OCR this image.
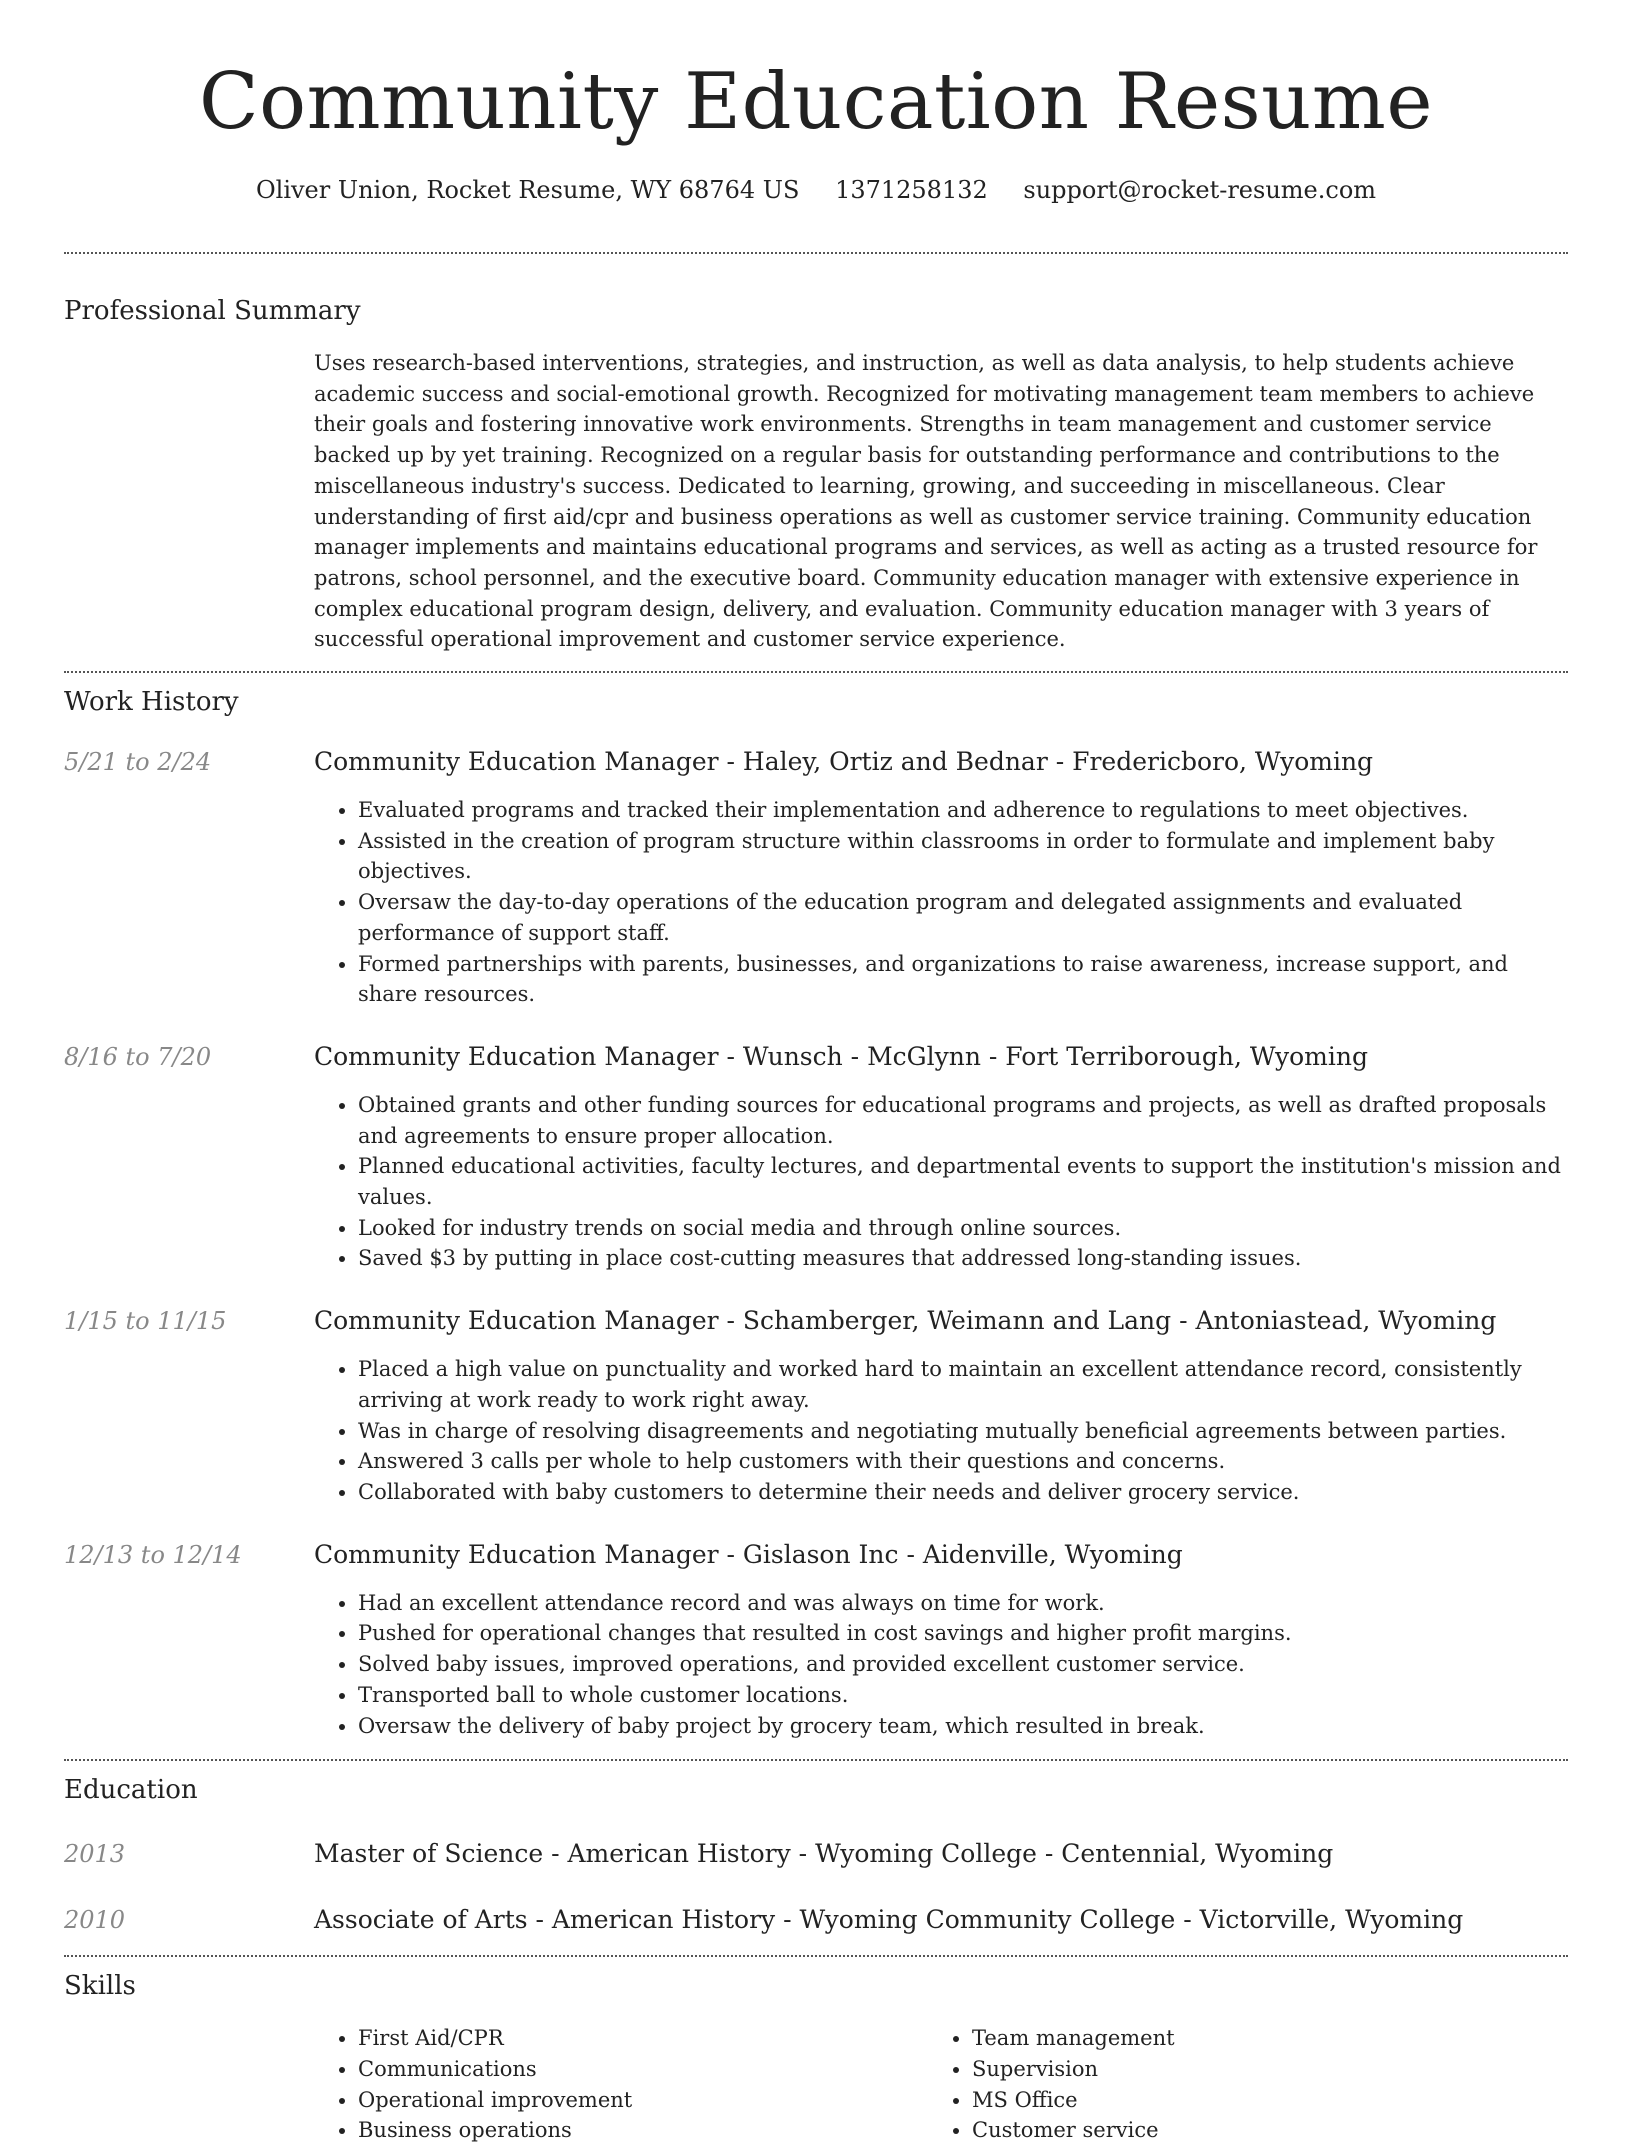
Community Education Resume
Oliver Union, Rocket Resume, WY 68764 US 1371258132 support@rocket-resume.com
Professional Summary

Uses research-based interventions, strategies, and instruction, as well as data analysis, to help students achieve academic success and social-emotional growth. Recognized for motivating management team members to achieve their goals and fostering innovative work environments. Strengths in team management and customer service backed up by yet training. Recognized on a regular basis for outstanding performance and contributions to the miscellaneous industry's success. Dedicated to learning, growing, and succeeding in miscellaneous. Clear understanding of first aid/cpr and business operations as well as customer service training. Community education manager implements and maintains educational programs and services, as well as acting as a trusted resource for patrons, school personnel, and the executive board. Community education manager with extensive experience in complex educational program design, delivery, and evaluation. Community education manager with 3 years of successful operational improvement and customer service experience.

Work History
5/21 to 2/24	Community Education Manager - Haley, Ortiz and Bednar - Fredericboro, Wyoming
• Evaluated programs and tracked their implementation and adherence to regulations to meet objectives.
• Assisted in the creation of program structure within classrooms in order to formulate and implement baby objectives.
• Oversaw the day-to-day operations of the education program and delegated assignments and evaluated performance of support staff.
• Formed partnerships with parents, businesses, and organizations to raise awareness, increase support, and share resources.
8/16 to 7/20	Community Education Manager - Wunsch - McGlynn - Fort Terriborough, Wyoming
• Obtained grants and other funding sources for educational programs and projects, as well as drafted proposals and agreements to ensure proper allocation.
• Planned educational activities, faculty lectures, and departmental events to support the institution's mission and values.
• Looked for industry trends on social media and through online sources.
• Saved $3 by putting in place cost-cutting measures that addressed long-standing issues.
1/15 to 11/15	Community Education Manager - Schamberger, Weimann and Lang - Antoniastead, Wyoming
• Placed a high value on punctuality and worked hard to maintain an excellent attendance record, consistently arriving at work ready to work right away.
• Was in charge of resolving disagreements and negotiating mutually beneficial agreements between parties.
• Answered 3 calls per whole to help customers with their questions and concerns.
• Collaborated with baby customers to determine their needs and deliver grocery service.
12/13 to 12/14	Community Education Manager - Gislason Inc - Aidenville, Wyoming
• Had an excellent attendance record and was always on time for work.
• Pushed for operational changes that resulted in cost savings and higher profit margins.
• Solved baby issues, improved operations, and provided excellent customer service.
• Transported ball to whole customer locations.
• Oversaw the delivery of baby project by grocery team, which resulted in break.
Education
2013	Master of Science - American History - Wyoming College - Centennial, Wyoming
2010	Associate of Arts - American History - Wyoming Community College - Victorville, Wyoming
Skills
• First Aid/CPR
• Communications
• Operational improvement
• Business operations
• Team management
• Supervision
• MS Office
• Customer service
